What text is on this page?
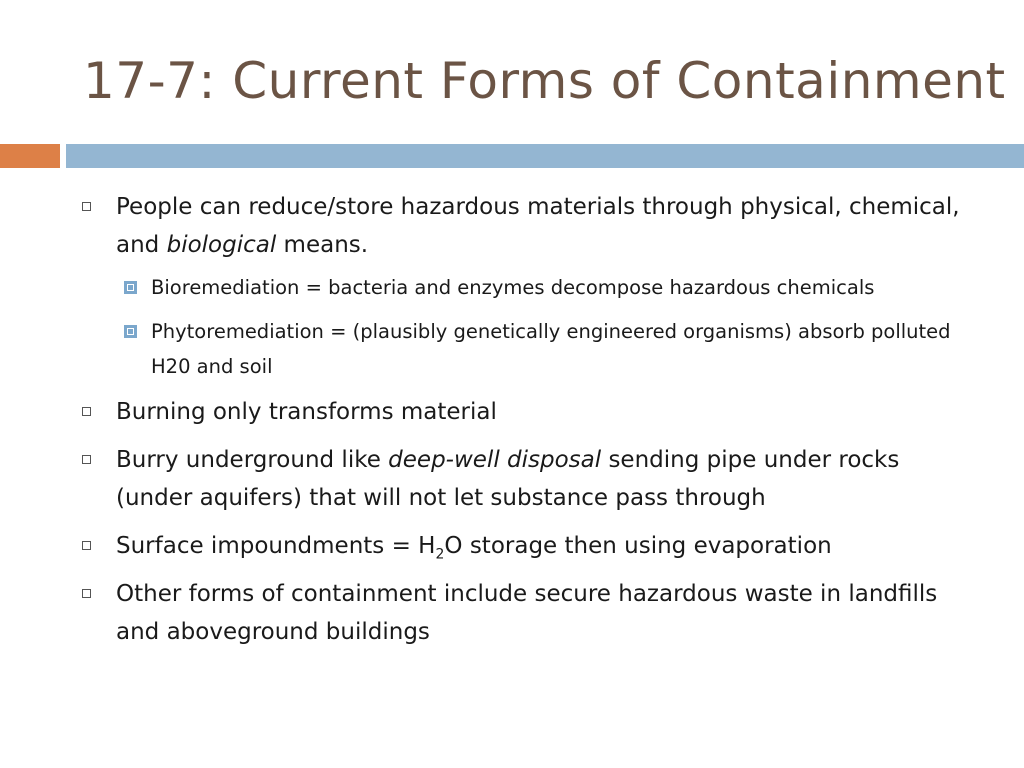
17-7: Current Forms of Containment
People can reduce/store hazardous materials through physical, chemical, and biological means.
Bioremediation = bacteria and enzymes decompose hazardous chemicals
Phytoremediation = (plausibly genetically engineered organisms) absorb polluted H20 and soil
Burning only transforms material
Burry underground like deep-well disposal sending pipe under rocks (under aquifers) that will not let substance pass through
Surface impoundments = $H_2O$ storage then using evaporation
Other forms of containment include secure hazardous waste in landfills and aboveground buildings
